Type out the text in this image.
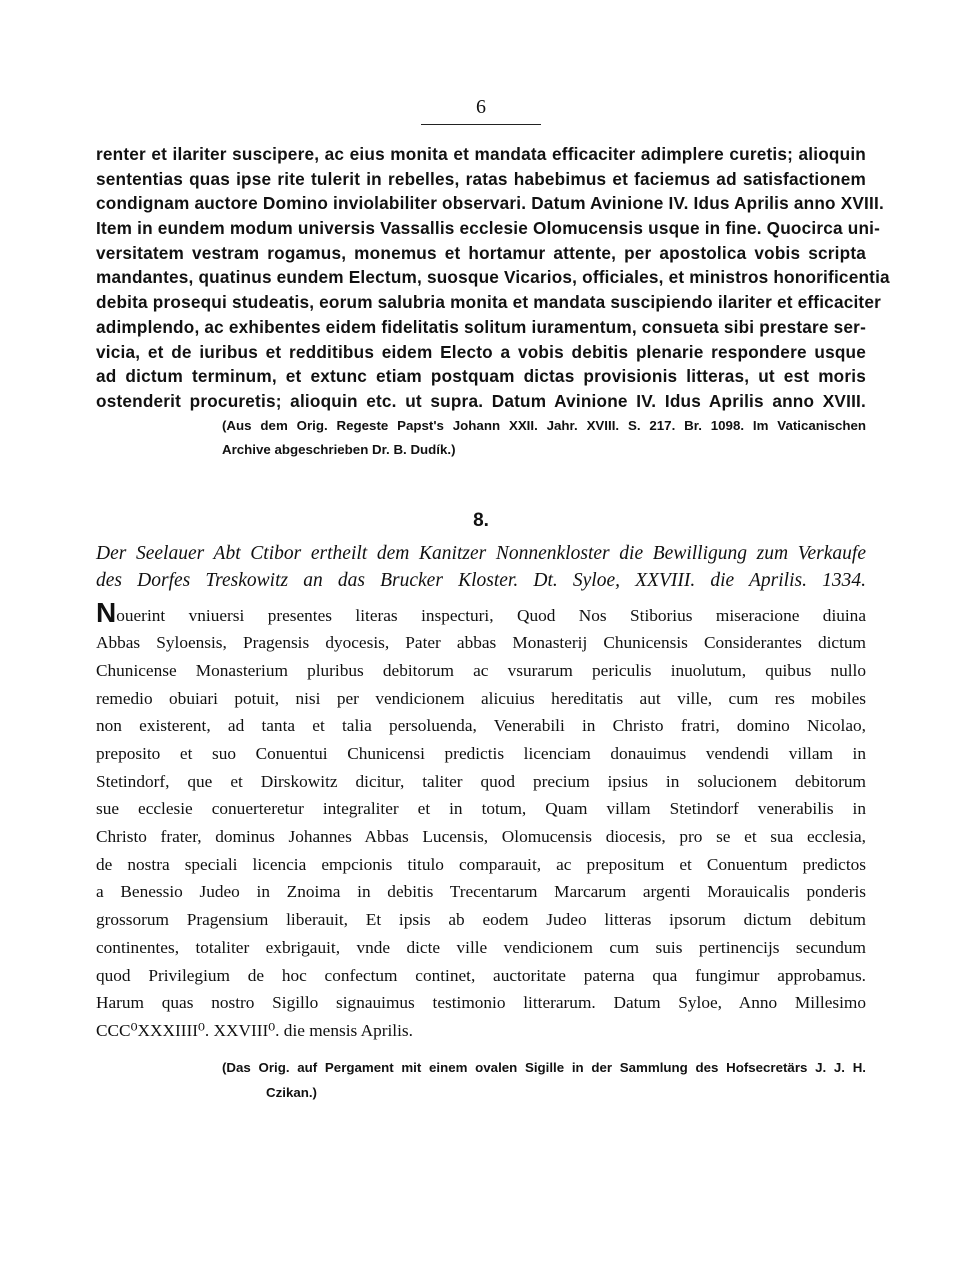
6
renter et ilariter suscipere, ac eius monita et mandata efficaciter adimplere curetis; alioquin
sententias quas ipse rite tulerit in rebelles, ratas habebimus et faciemus ad satisfactionem
condignam auctore Domino inviolabiliter observari. Datum Avinione IV. Idus Aprilis anno XVIII.
Item in eundem modum universis Vassallis ecclesie Olomucensis usque in fine. Quocirca uni-
versitatem vestram rogamus, monemus et hortamur attente, per apostolica vobis scripta
mandantes, quatinus eundem Electum, suosque Vicarios, officiales, et ministros honorificentia
debita prosequi studeatis, eorum salubria monita et mandata suscipiendo ilariter et efficaciter
adimplendo, ac exhibentes eidem fidelitatis solitum iuramentum, consueta sibi prestare ser-
vicia, et de iuribus et redditibus eidem Electo a vobis debitis plenarie respondere usque
ad dictum terminum, et extunc etiam postquam dictas provisionis litteras, ut est moris
ostenderit procuretis; alioquin etc. ut supra. Datum Avinione IV. Idus Aprilis anno XVIII.
(Aus dem Orig. Regeste Papst's Johann XXII. Jahr. XVIII. S. 217. Br. 1098. Im Vaticanischen
Archive abgeschrieben Dr. B. Dudík.)
8.
Der Seelauer Abt Ctibor ertheilt dem Kanitzer Nonnenkloster die Bewilligung zum Verkaufe
des Dorfes Treskowitz an das Brucker Kloster. Dt. Syloe, XXVIII. die Aprilis. 1334.
Nouerint vniuersi presentes literas inspecturi, Quod Nos Stiborius miseracione diuina
Abbas Syloensis, Pragensis dyocesis, Pater abbas Monasterij Chunicensis Considerantes dictum
Chunicense Monasterium pluribus debitorum ac vsurarum periculis inuolutum, quibus nullo
remedio obuiari potuit, nisi per vendicionem alicuius hereditatis aut ville, cum res mobiles
non existerent, ad tanta et talia persoluenda, Venerabili in Christo fratri, domino Nicolao,
preposito et suo Conuentui Chunicensi predictis licenciam donauimus vendendi villam in
Stetindorf, que et Dirskowitz dicitur, taliter quod precium ipsius in solucionem debitorum
sue ecclesie conuerteretur integraliter et in totum, Quam villam Stetindorf venerabilis in
Christo frater, dominus Johannes Abbas Lucensis, Olomucensis diocesis, pro se et sua ecclesia,
de nostra speciali licencia empcionis titulo comparauit, ac prepositum et Conuentum predictos
a Benessio Judeo in Znoima in debitis Trecentarum Marcarum argenti Morauicalis ponderis
grossorum Pragensium liberauit, Et ipsis ab eodem Judeo litteras ipsorum dictum debitum
continentes, totaliter exbrigauit, vnde dicte ville vendicionem cum suis pertinencijs secundum
quod Privilegium de hoc confectum continet, auctoritate paterna qua fungimur approbamus.
Harum quas nostro Sigillo signauimus testimonio litterarum. Datum Syloe, Anno Millesimo
CCC⁰XXXIIII⁰. XXVIII⁰. die mensis Aprilis.
(Das Orig. auf Pergament mit einem ovalen Sigille in der Sammlung des Hofsecretärs J. J. H.
Czikan.)
